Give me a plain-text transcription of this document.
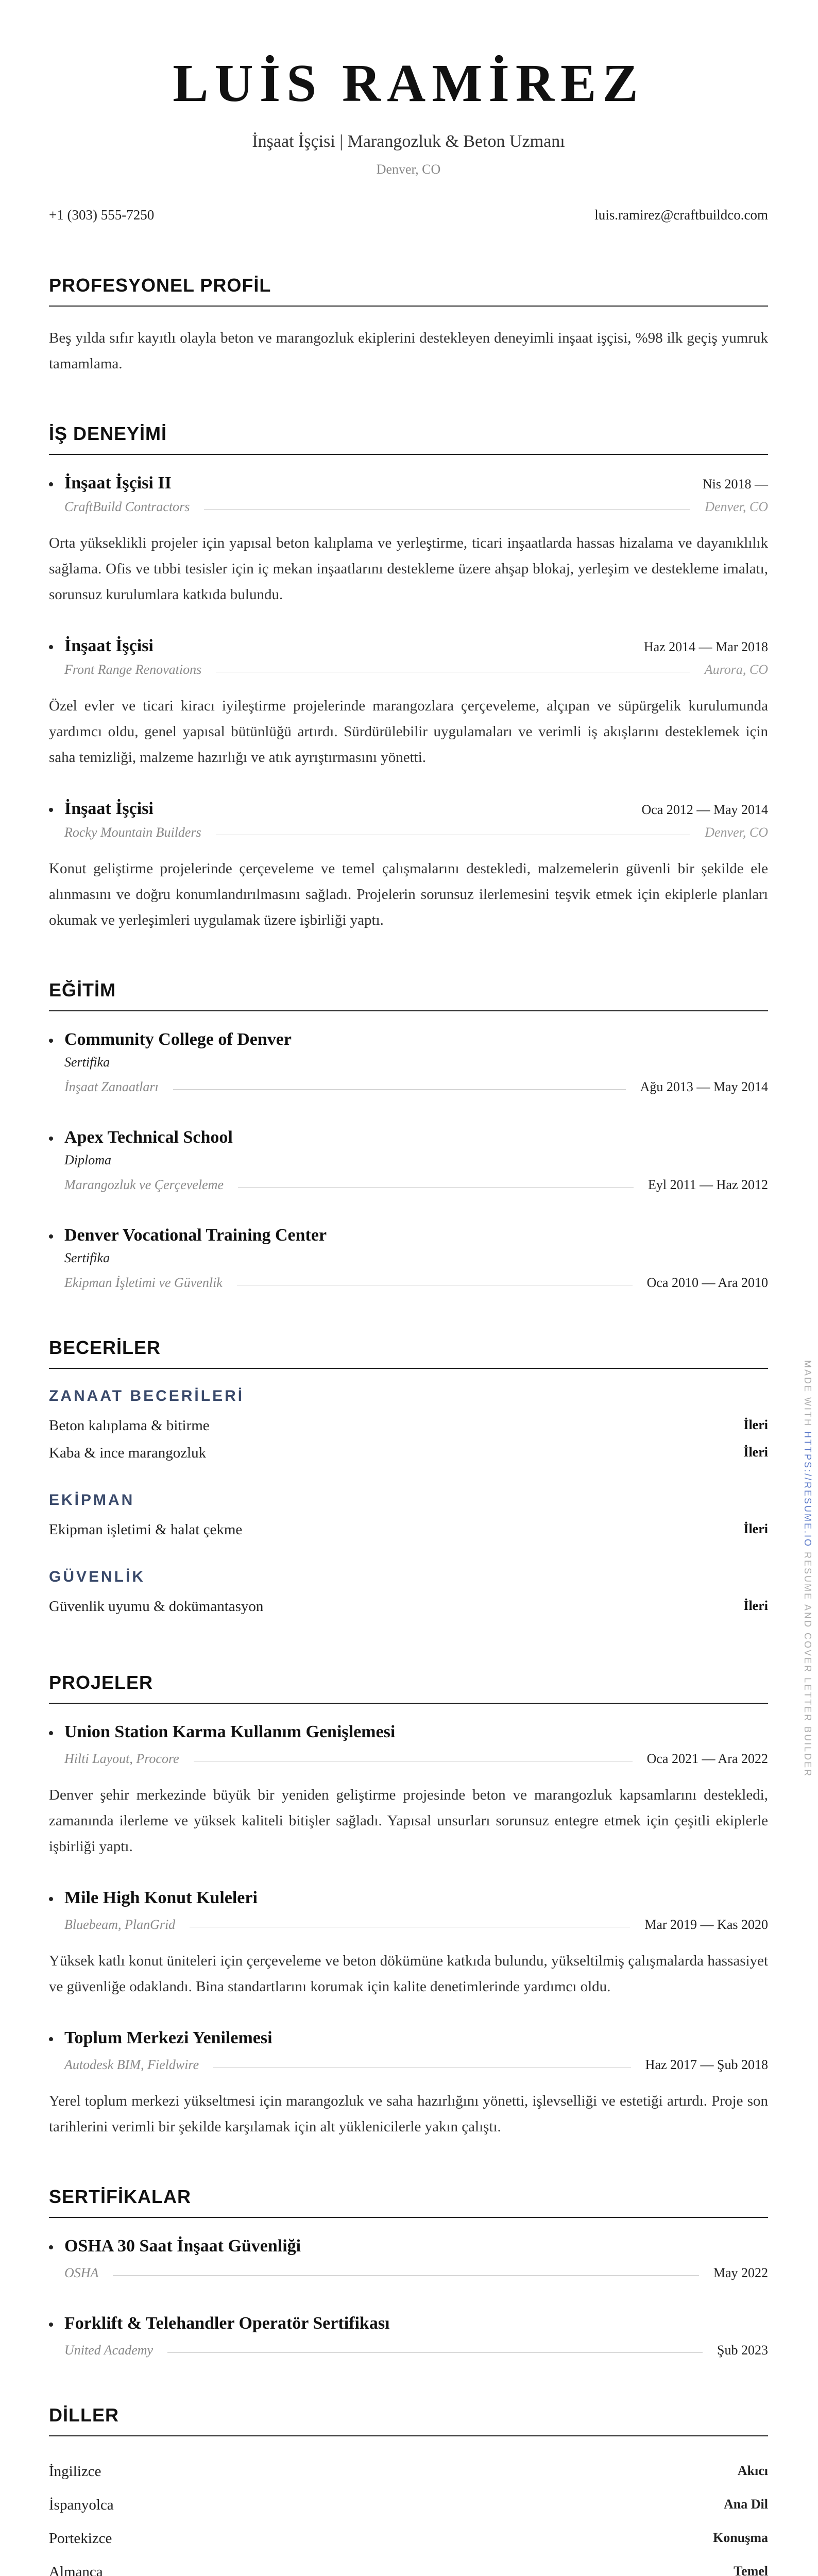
LUİS RAMİREZ
İnşaat İşçisi | Marangozluk & Beton Uzmanı
Denver, CO
+1 (303) 555-7250	luis.ramirez@craftbuildco.com
PROFESYONEL PROFİL
Beş yılda sıfır kayıtlı olayla beton ve marangozluk ekiplerini destekleyen deneyimli inşaat işçisi, %98 ilk geçiş yumruk tamamlama.
İŞ DENEYİMİ
İnşaat İşçisi II	Nis 2018 —
CraftBuild Contractors	Denver, CO
Orta yükseklikli projeler için yapısal beton kalıplama ve yerleştirme, ticari inşaatlarda hassas hizalama ve dayanıklılık sağlama. Ofis ve tıbbi tesisler için iç mekan inşaatlarını destekleme üzere ahşap blokaj, yerleşim ve destekleme imalatı, sorunsuz kurulumlara katkıda bulundu.
İnşaat İşçisi	Haz 2014 — Mar 2018
Front Range Renovations	Aurora, CO
Özel evler ve ticari kiracı iyileştirme projelerinde marangozlara çerçeveleme, alçıpan ve süpürgelik kurulumunda yardımcı oldu, genel yapısal bütünlüğü artırdı. Sürdürülebilir uygulamaları ve verimli iş akışlarını desteklemek için saha temizliği, malzeme hazırlığı ve atık ayrıştırmasını yönetti.
İnşaat İşçisi	Oca 2012 — May 2014
Rocky Mountain Builders	Denver, CO
Konut geliştirme projelerinde çerçeveleme ve temel çalışmalarını destekledi, malzemelerin güvenli bir şekilde ele alınmasını ve doğru konumlandırılmasını sağladı. Projelerin sorunsuz ilerlemesini teşvik etmek için ekiplerle planları okumak ve yerleşimleri uygulamak üzere işbirliği yaptı.
EĞİTİM
Community College of Denver
Sertifika
İnşaat Zanaatları	Ağu 2013 — May 2014
Apex Technical School
Diploma
Marangozluk ve Çerçeveleme	Eyl 2011 — Haz 2012
Denver Vocational Training Center
Sertifika
Ekipman İşletimi ve Güvenlik	Oca 2010 — Ara 2010
BECERİLER
ZANAAT BECERİLERİ
Beton kalıplama & bitirme	İleri
Kaba & ince marangozluk	İleri
EKİPMAN
Ekipman işletimi & halat çekme	İleri
GÜVENLİK
Güvenlik uyumu & dokümantasyon	İleri
PROJELER
Union Station Karma Kullanım Genişlemesi
Hilti Layout, Procore	Oca 2021 — Ara 2022
Denver şehir merkezinde büyük bir yeniden geliştirme projesinde beton ve marangozluk kapsamlarını destekledi, zamanında ilerleme ve yüksek kaliteli bitişler sağladı. Yapısal unsurları sorunsuz entegre etmek için çeşitli ekiplerle işbirliği yaptı.
Mile High Konut Kuleleri
Bluebeam, PlanGrid	Mar 2019 — Kas 2020
Yüksek katlı konut üniteleri için çerçeveleme ve beton dökümüne katkıda bulundu, yükseltilmiş çalışmalarda hassasiyet ve güvenliğe odaklandı. Bina standartlarını korumak için kalite denetimlerinde yardımcı oldu.
Toplum Merkezi Yenilemesi
Autodesk BIM, Fieldwire	Haz 2017 — Şub 2018
Yerel toplum merkezi yükseltmesi için marangozluk ve saha hazırlığını yönetti, işlevselliği ve estetiği artırdı. Proje son tarihlerini verimli bir şekilde karşılamak için alt yüklenicilerle yakın çalıştı.
SERTİFİKALAR
OSHA 30 Saat İnşaat Güvenliği
OSHA	May 2022
Forklift & Telehandler Operatör Sertifikası
United Academy	Şub 2023
DİLLER
İngilizce	Akıcı
İspanyolca	Ana Dil
Portekizce	Konuşma
Almanca	Temel
MADE WITH HTTPS://RESUME.IO RESUME AND COVER LETTER BUILDER
